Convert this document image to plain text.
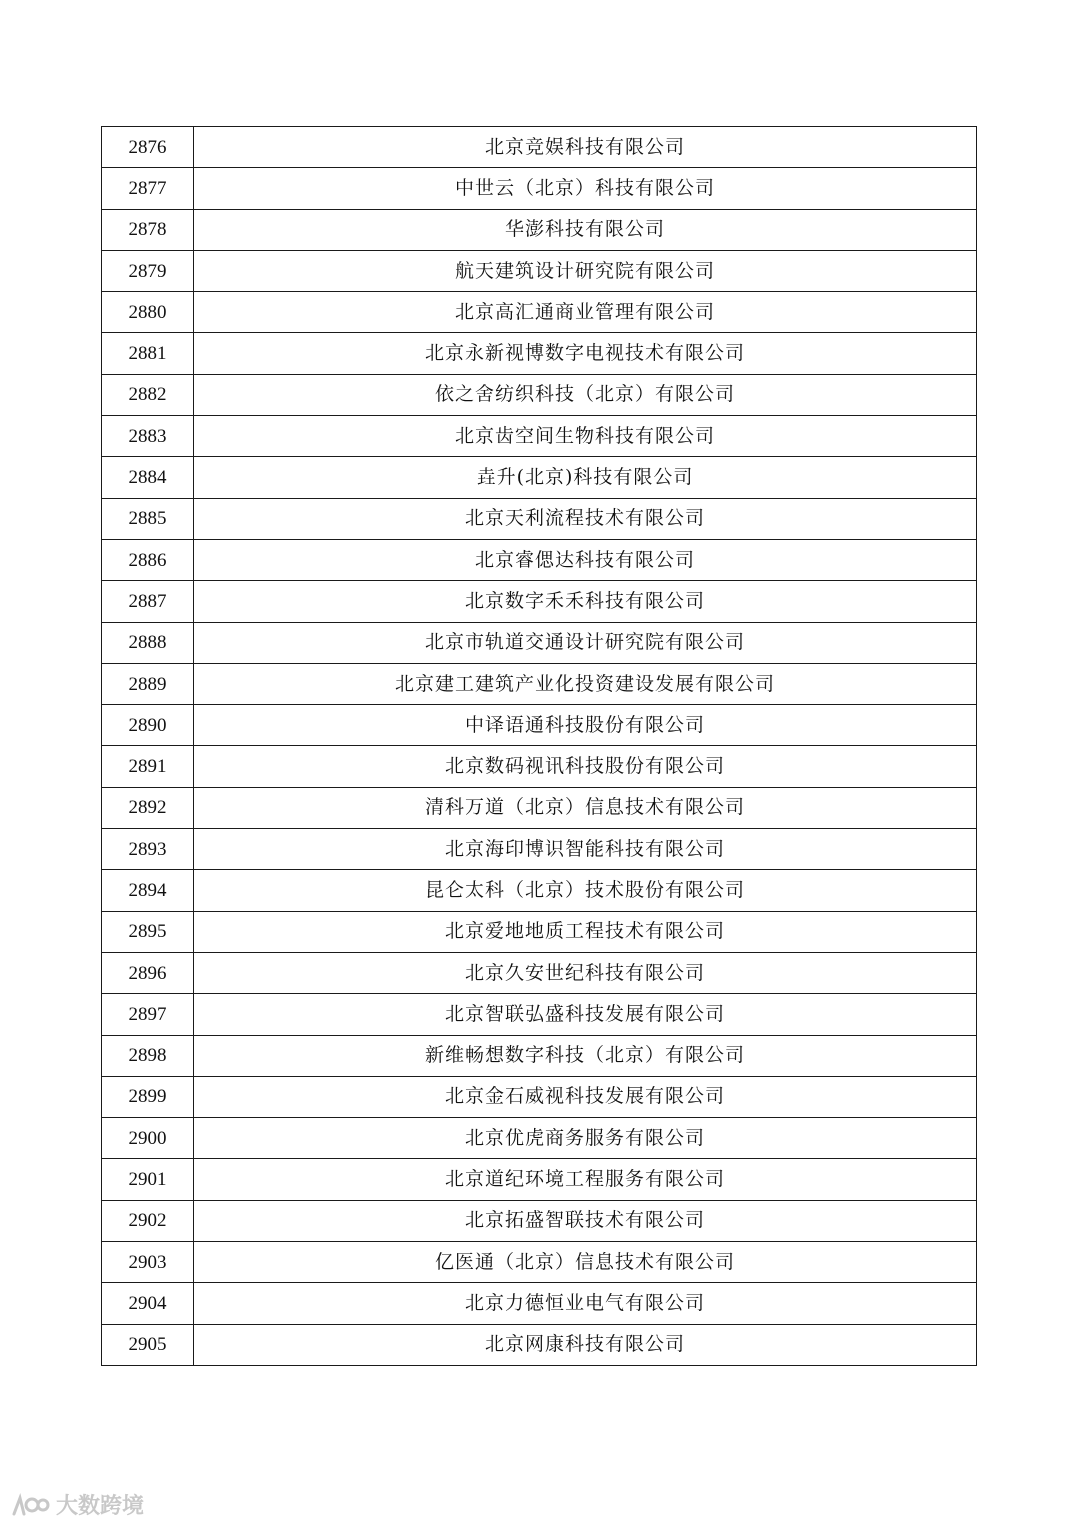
2876	北京竞娱科技有限公司
2877	中世云（北京）科技有限公司
2878	华澎科技有限公司
2879	航天建筑设计研究院有限公司
2880	北京高汇通商业管理有限公司
2881	北京永新视博数字电视技术有限公司
2882	依之舍纺织科技（北京）有限公司
2883	北京齿空间生物科技有限公司
2884	垚升(北京)科技有限公司
2885	北京天利流程技术有限公司
2886	北京睿偲达科技有限公司
2887	北京数字禾禾科技有限公司
2888	北京市轨道交通设计研究院有限公司
2889	北京建工建筑产业化投资建设发展有限公司
2890	中译语通科技股份有限公司
2891	北京数码视讯科技股份有限公司
2892	清科万道（北京）信息技术有限公司
2893	北京海印博识智能科技有限公司
2894	昆仑太科（北京）技术股份有限公司
2895	北京爱地地质工程技术有限公司
2896	北京久安世纪科技有限公司
2897	北京智联弘盛科技发展有限公司
2898	新维畅想数字科技（北京）有限公司
2899	北京金石威视科技发展有限公司
2900	北京优虎商务服务有限公司
2901	北京道纪环境工程服务有限公司
2902	北京拓盛智联技术有限公司
2903	亿医通（北京）信息技术有限公司
2904	北京力德恒业电气有限公司
2905	北京网康科技有限公司
大数跨境
